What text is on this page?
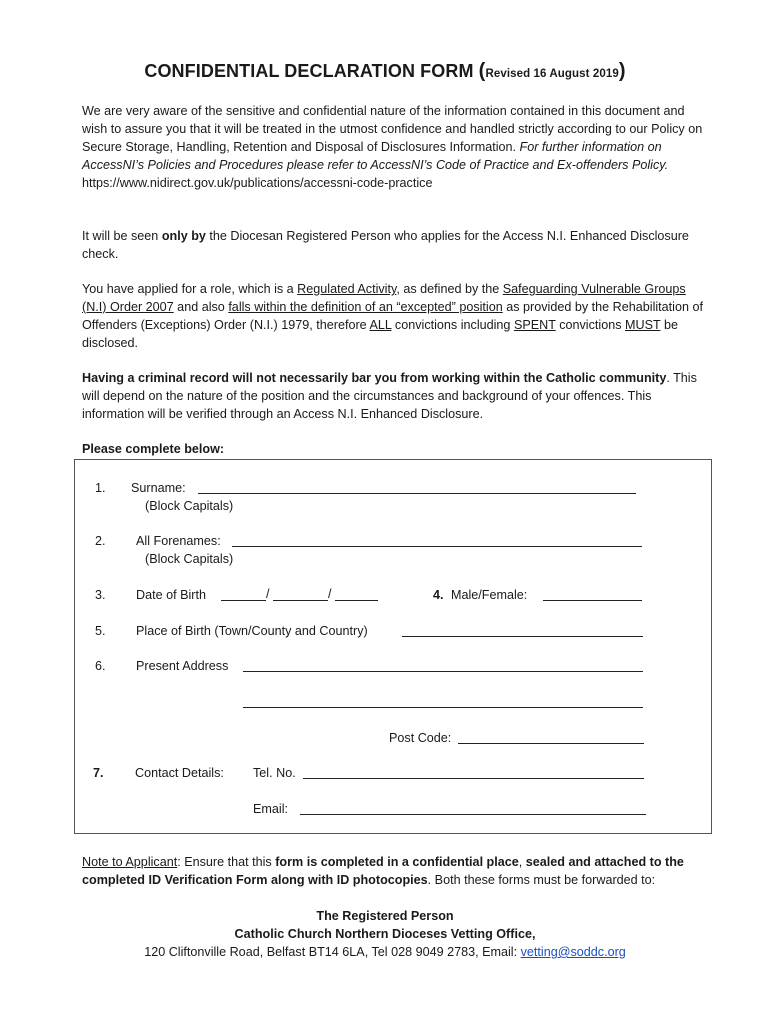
CONFIDENTIAL DECLARATION FORM (Revised 16 August 2019)
We are very aware of the sensitive and confidential nature of the information contained in this document and wish to assure you that it will be treated in the utmost confidence and handled strictly according to our Policy on Secure Storage, Handling, Retention and Disposal of Disclosures Information. For further information on AccessNI’s Policies and Procedures please refer to AccessNI’s Code of Practice and Ex-offenders Policy.
https://www.nidirect.gov.uk/publications/accessni-code-practice
It will be seen only by the Diocesan Registered Person who applies for the Access N.I. Enhanced Disclosure check.
You have applied for a role, which is a Regulated Activity, as defined by the Safeguarding Vulnerable Groups (N.I) Order 2007 and also falls within the definition of an “excepted” position as provided by the Rehabilitation of Offenders (Exceptions) Order (N.I.) 1979, therefore ALL convictions including SPENT convictions MUST be disclosed.
Having a criminal record will not necessarily bar you from working within the Catholic community. This will depend on the nature of the position and the circumstances and background of your offences. This information will be verified through an Access N.I. Enhanced Disclosure.
Please complete below:
1. Surname:
(Block Capitals)
2. All Forenames:
(Block Capitals)
3. Date of Birth	/	/	4. Male/Female:
5. Place of Birth (Town/County and Country)
6. Present Address
Post Code:
7. Contact Details: Tel. No.
Email:
Note to Applicant: Ensure that this form is completed in a confidential place, sealed and attached to the completed ID Verification Form along with ID photocopies. Both these forms must be forwarded to:
The Registered Person
Catholic Church Northern Dioceses Vetting Office,
120 Cliftonville Road, Belfast BT14 6LA, Tel 028 9049 2783, Email: vetting@soddc.org
